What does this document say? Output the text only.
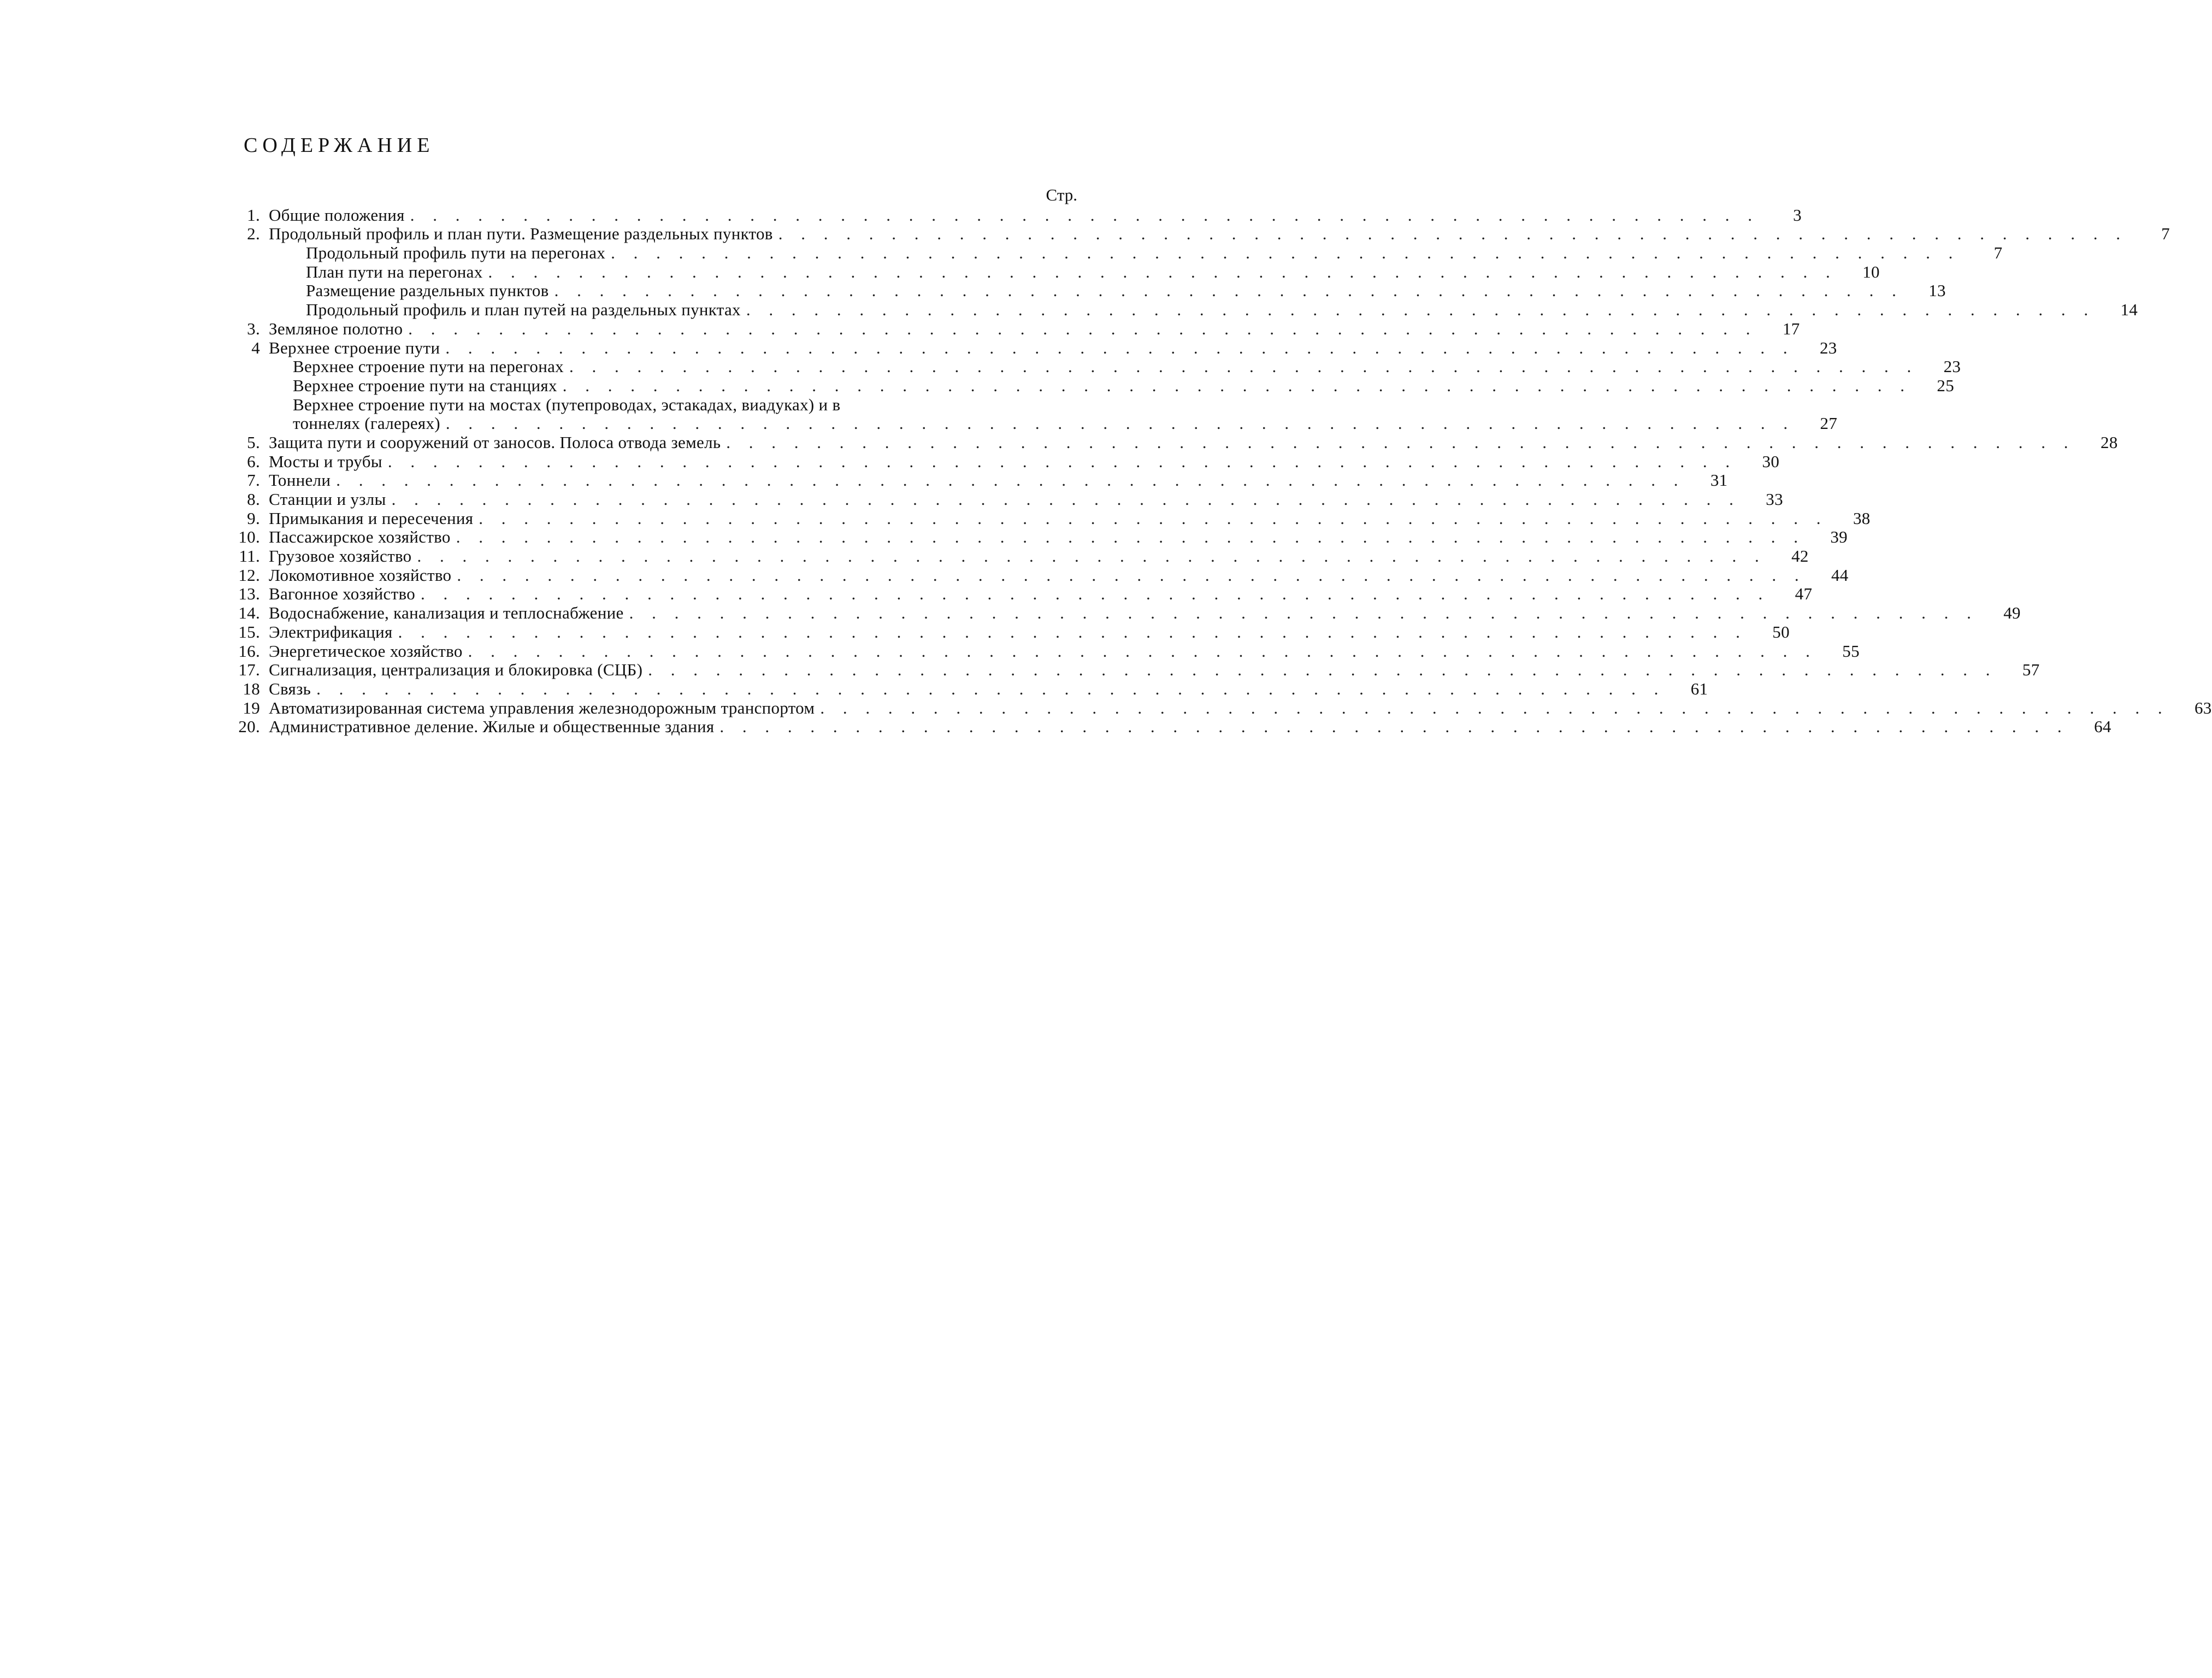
СОДЕРЖАНИЕ
Стр.
1. Общие положения . . . . . . . . . . . . . . . . . . . . . . . . . . . . . . . . . . . . . . . . . . . . . . . . . . . . . . . . . . . .	3
2. Продольный профиль и план пути. Размещение раздельных пунктов . . . . . . . . . . . . . . . . . . . . . . . . . . . . . . . . . . . . . . . . . . . . . . . . . . . . . . . . . . . .	7
Продольный профиль пути на перегонах . . . . . . . . . . . . . . . . . . . . . . . . . . . . . . . . . . . . . . . . . . . . . . . . . . . . . . . . . . . .	7
План пути на перегонах . . . . . . . . . . . . . . . . . . . . . . . . . . . . . . . . . . . . . . . . . . . . . . . . . . . . . . . . . . . .	10
Размещение раздельных пунктов . . . . . . . . . . . . . . . . . . . . . . . . . . . . . . . . . . . . . . . . . . . . . . . . . . . . . . . . . . . .	13
Продольный профиль и план путей на раздельных пунктах . . . . . . . . . . . . . . . . . . . . . . . . . . . . . . . . . . . . . . . . . . . . . . . . . . . . . . . . . . . .	14
3. Земляное полотно . . . . . . . . . . . . . . . . . . . . . . . . . . . . . . . . . . . . . . . . . . . . . . . . . . . . . . . . . . . .	17
4 Верхнее строение пути . . . . . . . . . . . . . . . . . . . . . . . . . . . . . . . . . . . . . . . . . . . . . . . . . . . . . . . . . . . .	23
Верхнее строение пути на перегонах . . . . . . . . . . . . . . . . . . . . . . . . . . . . . . . . . . . . . . . . . . . . . . . . . . . . . . . . . . . .	23
Верхнее строение пути на станциях . . . . . . . . . . . . . . . . . . . . . . . . . . . . . . . . . . . . . . . . . . . . . . . . . . . . . . . . . . . .	25
Верхнее строение пути на мостах (путепроводах, эстакадах, виадуках) и в
тоннелях (галереях) . . . . . . . . . . . . . . . . . . . . . . . . . . . . . . . . . . . . . . . . . . . . . . . . . . . . . . . . . . . .	27
5. Защита пути и сооружений от заносов. Полоса отвода земель . . . . . . . . . . . . . . . . . . . . . . . . . . . . . . . . . . . . . . . . . . . . . . . . . . . . . . . . . . . .	28
6. Мосты и трубы . . . . . . . . . . . . . . . . . . . . . . . . . . . . . . . . . . . . . . . . . . . . . . . . . . . . . . . . . . . .	30
7. Тоннели . . . . . . . . . . . . . . . . . . . . . . . . . . . . . . . . . . . . . . . . . . . . . . . . . . . . . . . . . . . .	31
8. Станции и узлы . . . . . . . . . . . . . . . . . . . . . . . . . . . . . . . . . . . . . . . . . . . . . . . . . . . . . . . . . . . .	33
9. Примыкания и пересечения . . . . . . . . . . . . . . . . . . . . . . . . . . . . . . . . . . . . . . . . . . . . . . . . . . . . . . . . . . . .	38
10. Пассажирское хозяйство . . . . . . . . . . . . . . . . . . . . . . . . . . . . . . . . . . . . . . . . . . . . . . . . . . . . . . . . . . . .	39
11. Грузовое хозяйство . . . . . . . . . . . . . . . . . . . . . . . . . . . . . . . . . . . . . . . . . . . . . . . . . . . . . . . . . . . .	42
12. Локомотивное хозяйство . . . . . . . . . . . . . . . . . . . . . . . . . . . . . . . . . . . . . . . . . . . . . . . . . . . . . . . . . . . .	44
13. Вагонное хозяйство . . . . . . . . . . . . . . . . . . . . . . . . . . . . . . . . . . . . . . . . . . . . . . . . . . . . . . . . . . . .	47
14. Водоснабжение, канализация и теплоснабжение . . . . . . . . . . . . . . . . . . . . . . . . . . . . . . . . . . . . . . . . . . . . . . . . . . . . . . . . . . . .	49
15. Электрификация . . . . . . . . . . . . . . . . . . . . . . . . . . . . . . . . . . . . . . . . . . . . . . . . . . . . . . . . . . . .	50
16. Энергетическое хозяйство . . . . . . . . . . . . . . . . . . . . . . . . . . . . . . . . . . . . . . . . . . . . . . . . . . . . . . . . . . . .	55
17. Сигнализация, централизация и блокировка (СЦБ) . . . . . . . . . . . . . . . . . . . . . . . . . . . . . . . . . . . . . . . . . . . . . . . . . . . . . . . . . . . .	57
18 Связь . . . . . . . . . . . . . . . . . . . . . . . . . . . . . . . . . . . . . . . . . . . . . . . . . . . . . . . . . . . .	61
19 Автоматизированная система управления железнодорожным транспортом . . . . . . . . . . . . . . . . . . . . . . . . . . . . . . . . . . . . . . . . . . . . . . . . . . . . . . . . . . . .	63
20. Административное деление. Жилые и общественные здания . . . . . . . . . . . . . . . . . . . . . . . . . . . . . . . . . . . . . . . . . . . . . . . . . . . . . . . . . . . .	64
